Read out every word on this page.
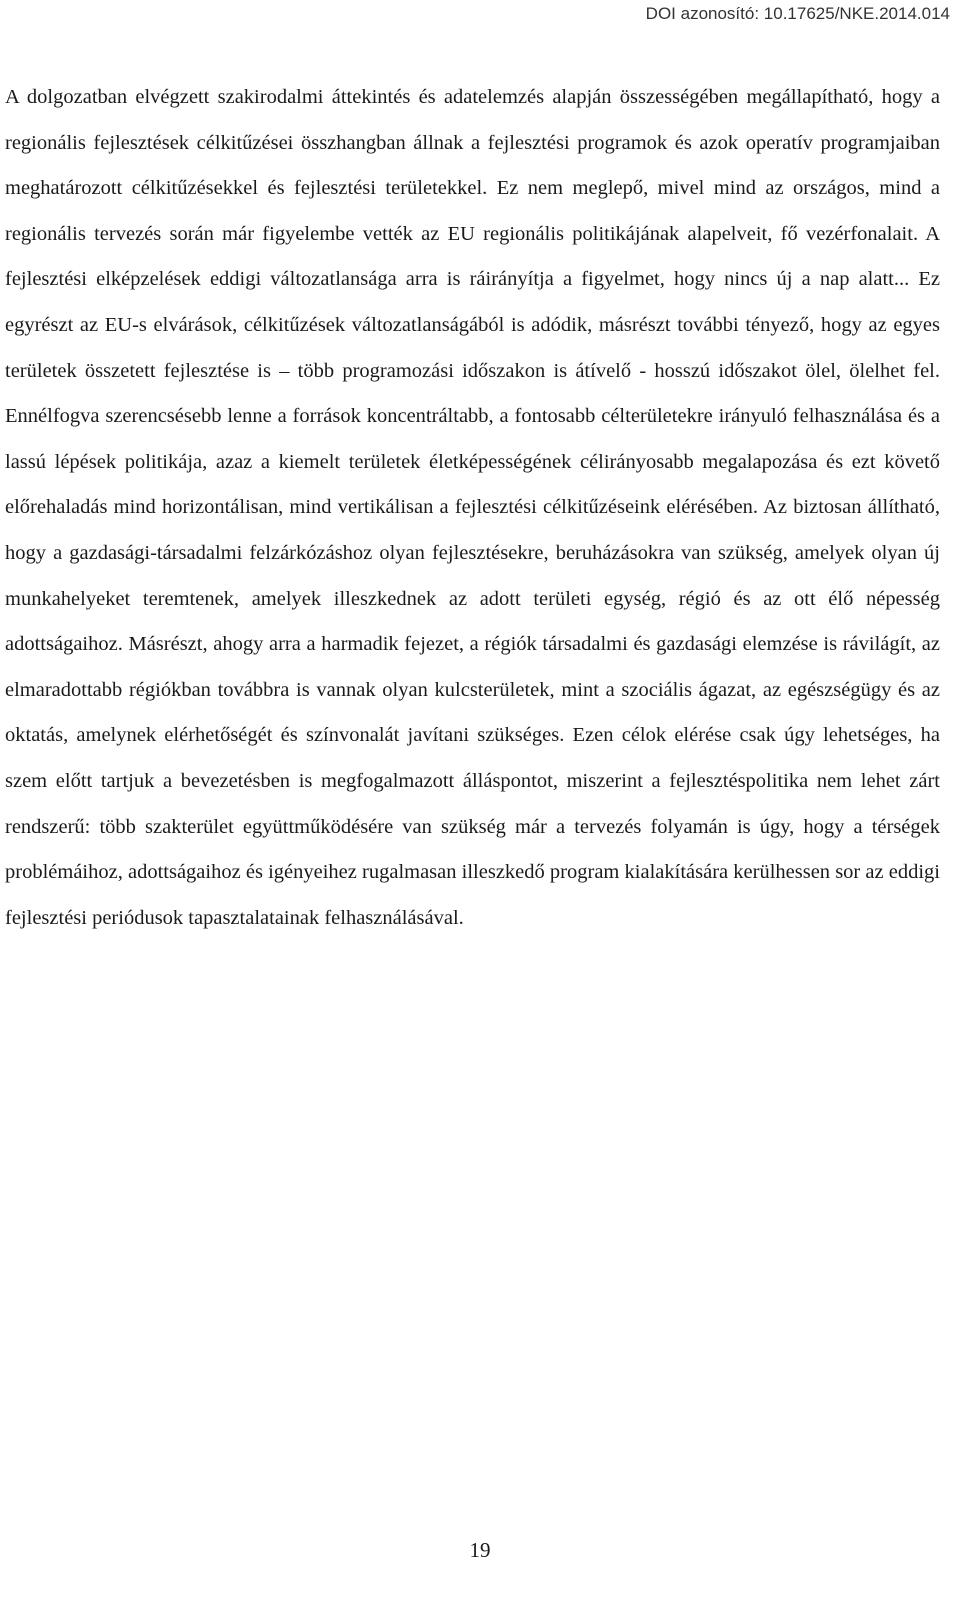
DOI azonosító: 10.17625/NKE.2014.014

A dolgozatban elvégzett szakirodalmi áttekintés és adatelemzés alapján összességében megállapítható, hogy a regionális fejlesztések célkitűzései összhangban állnak a fejlesztési programok és azok operatív programjaiban meghatározott célkitűzésekkel és fejlesztési területekkel. Ez nem meglepő, mivel mind az országos, mind a regionális tervezés során már figyelembe vették az EU regionális politikájának alapelveit, fő vezérfonalait. A fejlesztési elképzelések eddigi változatlansága arra is ráirányítja a figyelmet, hogy nincs új a nap alatt... Ez egyrészt az EU-s elvárások, célkitűzések változatlanságából is adódik, másrészt további tényező, hogy az egyes területek összetett fejlesztése is – több programozási időszakon is átívelő - hosszú időszakot ölel, ölelhet fel. Ennélfogva szerencsésebb lenne a források koncentráltabb, a fontosabb célterületekre irányuló felhasználása és a lassú lépések politikája, azaz a kiemelt területek életképességének célirányosabb megalapozása és ezt követő előrehaladás mind horizontálisan, mind vertikálisan a fejlesztési célkitűzéseink elérésében. Az biztosan állítható, hogy a gazdasági-társadalmi felzárkózáshoz olyan fejlesztésekre, beruházásokra van szükség, amelyek olyan új munkahelyeket teremtenek, amelyek illeszkednek az adott területi egység, régió és az ott élő népesség adottságaihoz. Másrészt, ahogy arra a harmadik fejezet, a régiók társadalmi és gazdasági elemzése is rávilágít, az elmaradottabb régiókban továbbra is vannak olyan kulcsterületek, mint a szociális ágazat, az egészségügy és az oktatás, amelynek elérhetőségét és színvonalát javítani szükséges. Ezen célok elérése csak úgy lehetséges, ha szem előtt tartjuk a bevezetésben is megfogalmazott álláspontot, miszerint a fejlesztéspolitika nem lehet zárt rendszerű: több szakterület együttműködésére van szükség már a tervezés folyamán is úgy, hogy a térségek problémáihoz, adottságaihoz és igényeihez rugalmasan illeszkedő program kialakítására kerülhessen sor az eddigi fejlesztési periódusok tapasztalatainak felhasználásával.

19
